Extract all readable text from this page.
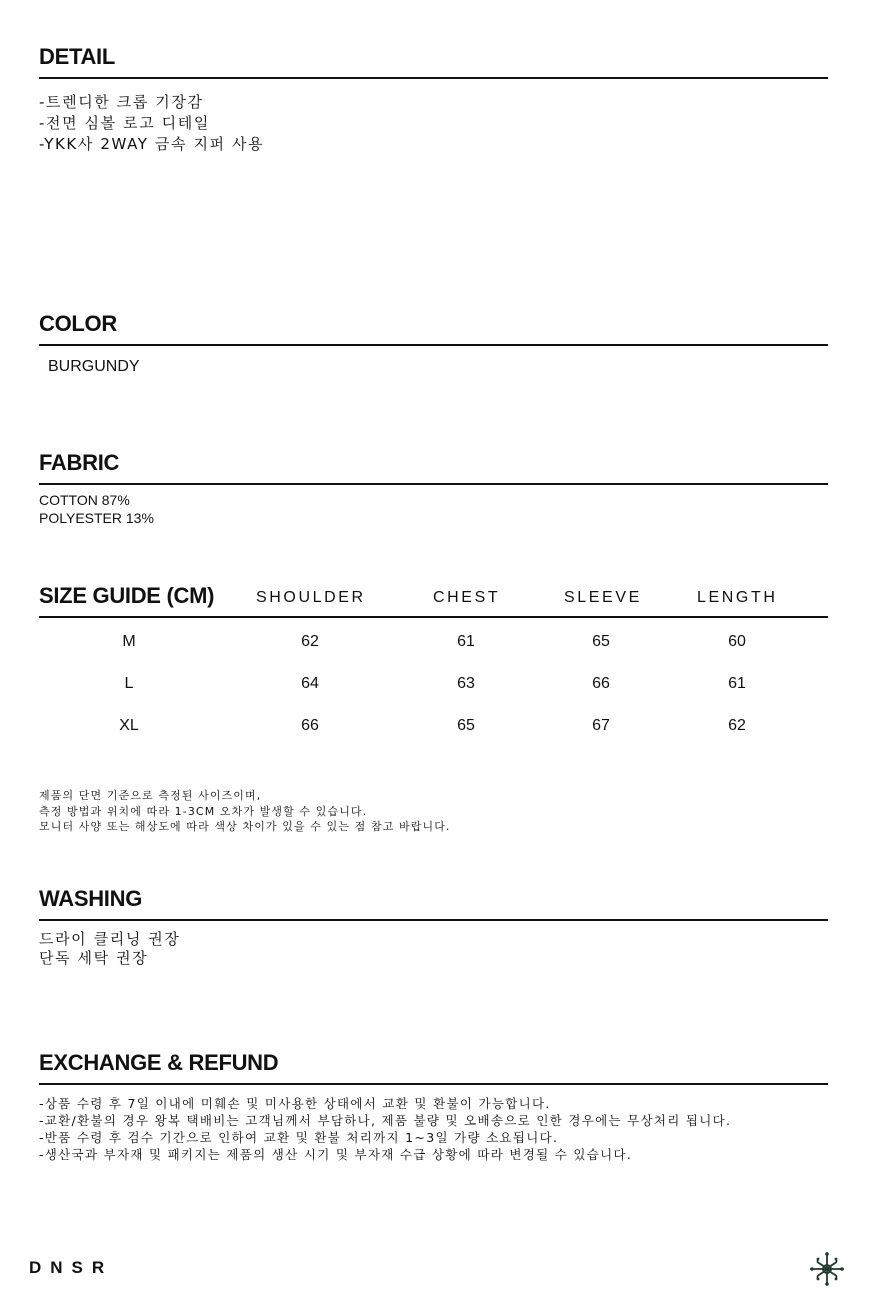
DETAIL
-트렌디한 크롭 기장감
-전면 심볼 로고 디테일
-YKK사 2WAY 금속 지퍼 사용
COLOR
BURGUNDY
FABRIC
COTTON 87%
POLYESTER 13%
SIZE GUIDE (CM)	SHOULDER	CHEST	SLEEVE	LENGTH
M	62	61	65	60
L	64	63	66	61
XL	66	65	67	62
제품의 단면 기준으로 측정된 사이즈이며,
측정 방법과 위치에 따라 1-3CM 오차가 발생할 수 있습니다.
모니터 사양 또는 해상도에 따라 색상 차이가 있을 수 있는 점 참고 바랍니다.
WASHING
드라이 클리닝 권장
단독 세탁 권장
EXCHANGE & REFUND
-상품 수령 후 7일 이내에 미훼손 및 미사용한 상태에서 교환 및 환불이 가능합니다.
-교환/환불의 경우 왕복 택배비는 고객님께서 부담하나, 제품 불량 및 오배송으로 인한 경우에는 무상처리 됩니다.
-반품 수령 후 검수 기간으로 인하여 교환 및 환불 처리까지 1~3일 가량 소요됩니다.
-생산국과 부자재 및 패키지는 제품의 생산 시기 및 부자재 수급 상황에 따라 변경될 수 있습니다.
DNSR
